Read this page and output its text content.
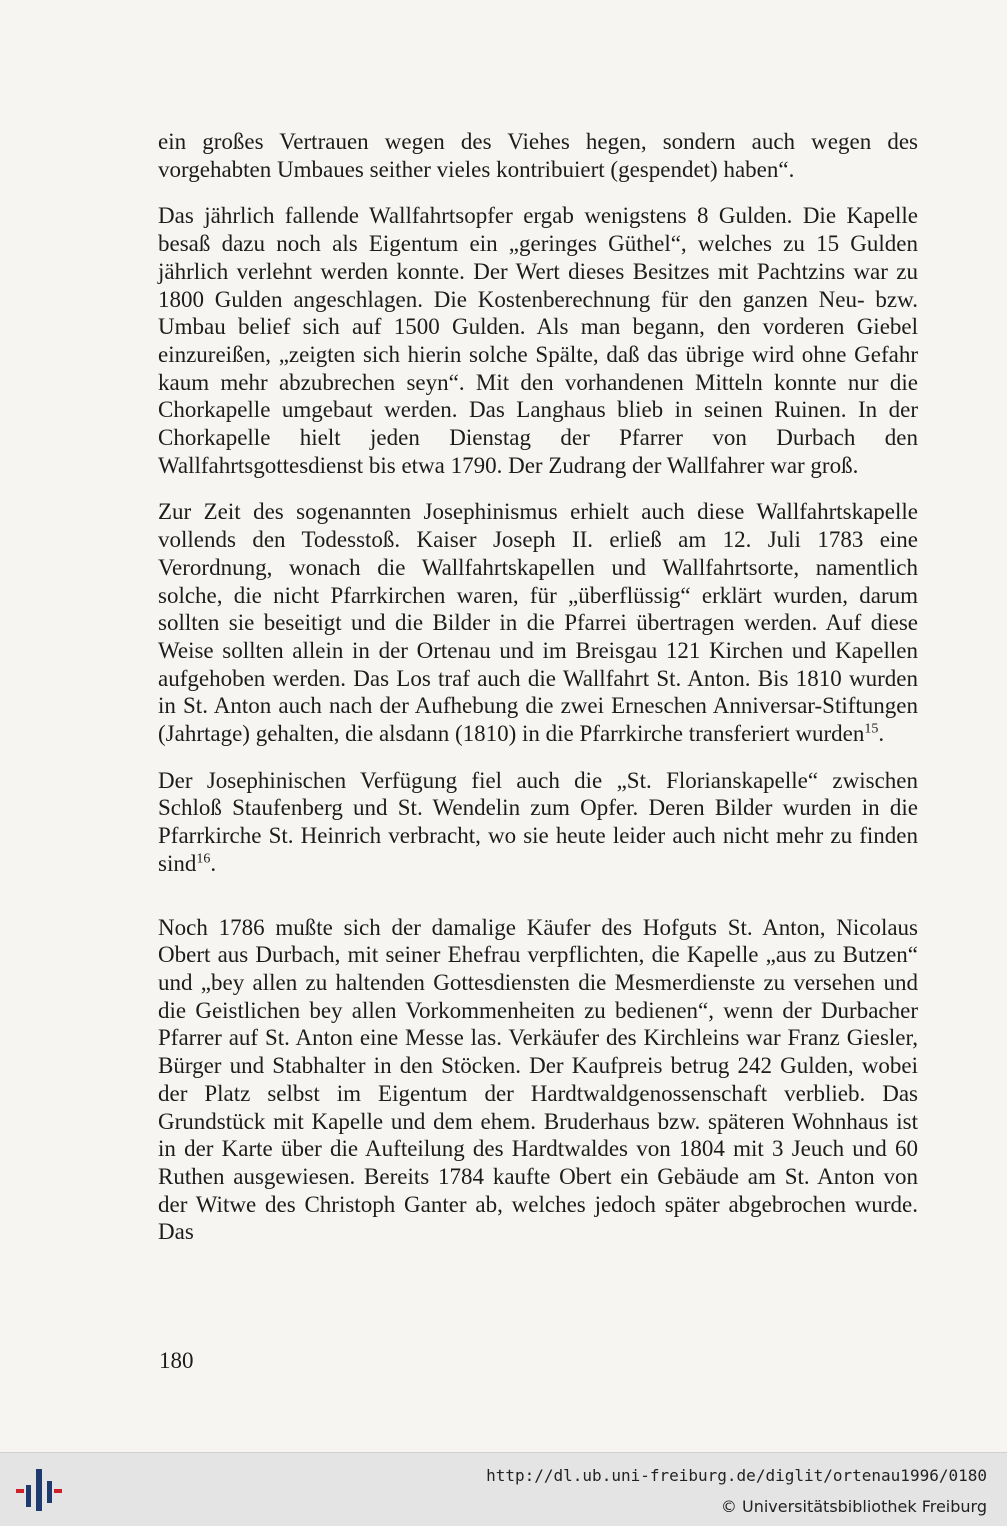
ein großes Vertrauen wegen des Viehes hegen, sondern auch wegen des vorgehabten Umbaues seither vieles kontribuiert (gespendet) haben“.

Das jährlich fallende Wallfahrtsopfer ergab wenigstens 8 Gulden. Die Kapelle besaß dazu noch als Eigentum ein „geringes Güthel“, welches zu 15 Gulden jährlich verlehnt werden konnte. Der Wert dieses Besitzes mit Pachtzins war zu 1800 Gulden angeschlagen. Die Kostenberechnung für den ganzen Neu- bzw. Umbau belief sich auf 1500 Gulden. Als man begann, den vorderen Giebel einzureißen, „zeigten sich hierin solche Spälte, daß das übrige wird ohne Gefahr kaum mehr abzubrechen seyn“. Mit den vorhandenen Mitteln konnte nur die Chorkapelle umgebaut werden. Das Langhaus blieb in seinen Ruinen. In der Chorkapelle hielt jeden Dienstag der Pfarrer von Durbach den Wallfahrtsgottesdienst bis etwa 1790. Der Zudrang der Wallfahrer war groß.

Zur Zeit des sogenannten Josephinismus erhielt auch diese Wallfahrtskapelle vollends den Todesstoß. Kaiser Joseph II. erließ am 12. Juli 1783 eine Verordnung, wonach die Wallfahrtskapellen und Wallfahrtsorte, namentlich solche, die nicht Pfarrkirchen waren, für „überflüssig“ erklärt wurden, darum sollten sie beseitigt und die Bilder in die Pfarrei übertragen werden. Auf diese Weise sollten allein in der Ortenau und im Breisgau 121 Kirchen und Kapellen aufgehoben werden. Das Los traf auch die Wallfahrt St. Anton. Bis 1810 wurden in St. Anton auch nach der Aufhebung die zwei Erneschen Anniversar-Stiftungen (Jahrtage) gehalten, die alsdann (1810) in die Pfarrkirche transferiert wurden$^{15}$.

Der Josephinischen Verfügung fiel auch die „St. Florianskapelle“ zwischen Schloß Staufenberg und St. Wendelin zum Opfer. Deren Bilder wurden in die Pfarrkirche St. Heinrich verbracht, wo sie heute leider auch nicht mehr zu finden sind$^{16}$.

Noch 1786 mußte sich der damalige Käufer des Hofguts St. Anton, Nicolaus Obert aus Durbach, mit seiner Ehefrau verpflichten, die Kapelle „aus zu Butzen“ und „bey allen zu haltenden Gottesdiensten die Mesmerdienste zu versehen und die Geistlichen bey allen Vorkommenheiten zu bedienen“, wenn der Durbacher Pfarrer auf St. Anton eine Messe las. Verkäufer des Kirchleins war Franz Giesler, Bürger und Stabhalter in den Stöcken. Der Kaufpreis betrug 242 Gulden, wobei der Platz selbst im Eigentum der Hardtwaldgenossenschaft verblieb. Das Grundstück mit Kapelle und dem ehem. Bruderhaus bzw. späteren Wohnhaus ist in der Karte über die Aufteilung des Hardtwaldes von 1804 mit 3 Jeuch und 60 Ruthen ausgewiesen. Bereits 1784 kaufte Obert ein Gebäude am St. Anton von der Witwe des Christoph Ganter ab, welches jedoch später abgebrochen wurde. Das

180
http://dl.ub.uni-freiburg.de/diglit/ortenau1996/0180
© Universitätsbibliothek Freiburg
